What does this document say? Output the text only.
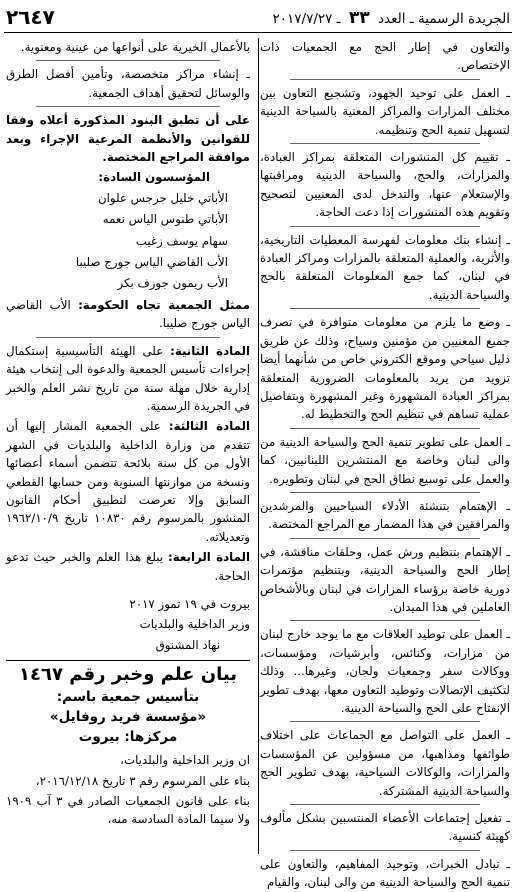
٢٦٤٧	الجريدة الرسمية ـ العدد ٣٣ ـ ٢٠١٧/٧/٢٧

والتعاون في إطار الحج مع الجمعيات ذات الإختصاص.

ـ العمل على توحيد الجهود، وتشجيع التعاون بين مختلف المزارات والمراكز المعنية بالسياحة الدينية لتسهيل تنمية الحج وتنظيمه.

ـ تقييم كل المنشورات المتعلقة بمراكز العبادة، والمزارات، والحج، والسياحة الدينية ومراقبتها والإستعلام عنها، والتدخل لدى المعنيين لتصحيح وتقويم هذه المنشورات إذا دعت الحاجة.

ـ إنشاء بنك معلومات لفهرسة المعطيات التاريخية، والأثرية، والعملية المتعلقة بالمزارات ومراكز العبادة في لبنان، كما جمع المعلومات المتعلقة بالحج والسياحة الدينية.

ـ وضع ما يلزم من معلومات متوافرة في تصرف جميع المعنيين من مؤمنين وسياح، وذلك عن طريق دليل سياحي وموقع الكتروني خاص من شأنهما أيضا تزويد من يريد بالمعلومات الضرورية المتعلقة بمراكز العبادة المشهورة وغير المشهورة وبتفاصيل عملية تساهم في تنظيم الحج والتخطيط له.

ـ العمل على تطوير تنمية الحج والسياحة الدينية من والى لبنان وخاصة مع المنتشرين اللبنانيين، كما والعمل على توسيع نطاق الحج في لبنان وتطويره.

ـ الإهتمام بتنشئة الأدلاء السياحيين والمرشدين والمرافقين في هذا المضمار مع المراجع المختصة.

ـ الإهتمام بتنظيم ورش عمل، وحلقات مناقشة، في إطار الحج والسياحة الدينية، وبتنظيم مؤتمرات دورية خاصة برؤساء المزارات في لبنان وبالأشخاص العاملين في هذا الميدان.

ـ العمل على توطيد العلاقات مع ما يوجد خارج لبنان من مزارات، وكنائس، وأبرشيات، ومؤسسات، ووكالات سفر وجمعيات ولجان، وغيرها... وذلك لتكثيف الإتصالات وتوطيد التعاون معها، بهدف تطوير الإنفتاح على الحج والسياحة الدينية.

ـ العمل على التواصل مع الجماعات على اختلاف طوائفها ومذاهبها، من مسؤولين عن المؤسسات والمزارات، والوكالات السياحية، بهدف تطوير الحج والسياحة الدينية المشتركة.

ـ تفعيل إجتماعات الأعضاء المنتسبين بشكل مألوف كهيئة كنسية.

ـ تبادل الخبرات، وتوحيد المفاهيم، والتعاون على تنمية الحج والسياحة الدينية من والى لبنان، والقيام

بالأعمال الخيرية على أنواعها من عينية ومعنوية.

ـ إنشاء مراكز متخصصة، وتأمين أفضل الطرق والوسائل لتحقيق أهداف الجمعية.

على أن تطبق البنود المذكورة أعلاه وفقا للقوانين والأنظمة المرعية الإجراء وبعد موافقة المراجع المختصة.

المؤسسون السادة:

الأباتي خليل جرجس علوان

الأباتي طنوس الياس نعمه

سهام يوسف زغيب

الأب القاضي الياس جورج صليبا

الأب ريمون جوزف بكر

ممثل الجمعية تجاه الحكومة: الأب القاضي الياس جورج صليبا.

المادة الثانية: على الهيئة التأسيسية إستكمال إجراءات تأسيس الجمعية والدعوة الى إنتخاب هيئة إدارية خلال مهلة سنة من تاريخ نشر العلم والخبر في الجريدة الرسمية.

المادة الثالثة: على الجمعية المشار إليها أن تتقدم من وزارة الداخلية والبلديات في الشهر الأول من كل سنة بلائحة تتضمن أسماء أعضائها ونسخة من موازنتها السنوية ومن حسابها القطعي السابق وإلا تعرضت لتطبيق أحكام القانون المنشور بالمرسوم رقم ١٠٨٣٠ تاريخ ١٩٦٢/١٠/٩ وتعديلاته.

المادة الرابعة: يبلغ هذا العلم والخبر حيث تدعو الحاجة.

بيروت في ١٩ تموز ٢٠١٧

وزير الداخلية والبلديات

نهاد المشنوق

بيان علم وخبر رقم ١٤٦٧
بتأسيس جمعية باسم:
«مؤسسة فريد روفايل»
مركزها: بيروت

ان وزير الداخلية والبلديات،

بناء على المرسوم رقم ٣ تاريخ ٢٠١٦/١٢/١٨،

بناء على قانون الجمعيات الصادر في ٣ آب ١٩٠٩ ولا سيما المادة السادسة منه،
